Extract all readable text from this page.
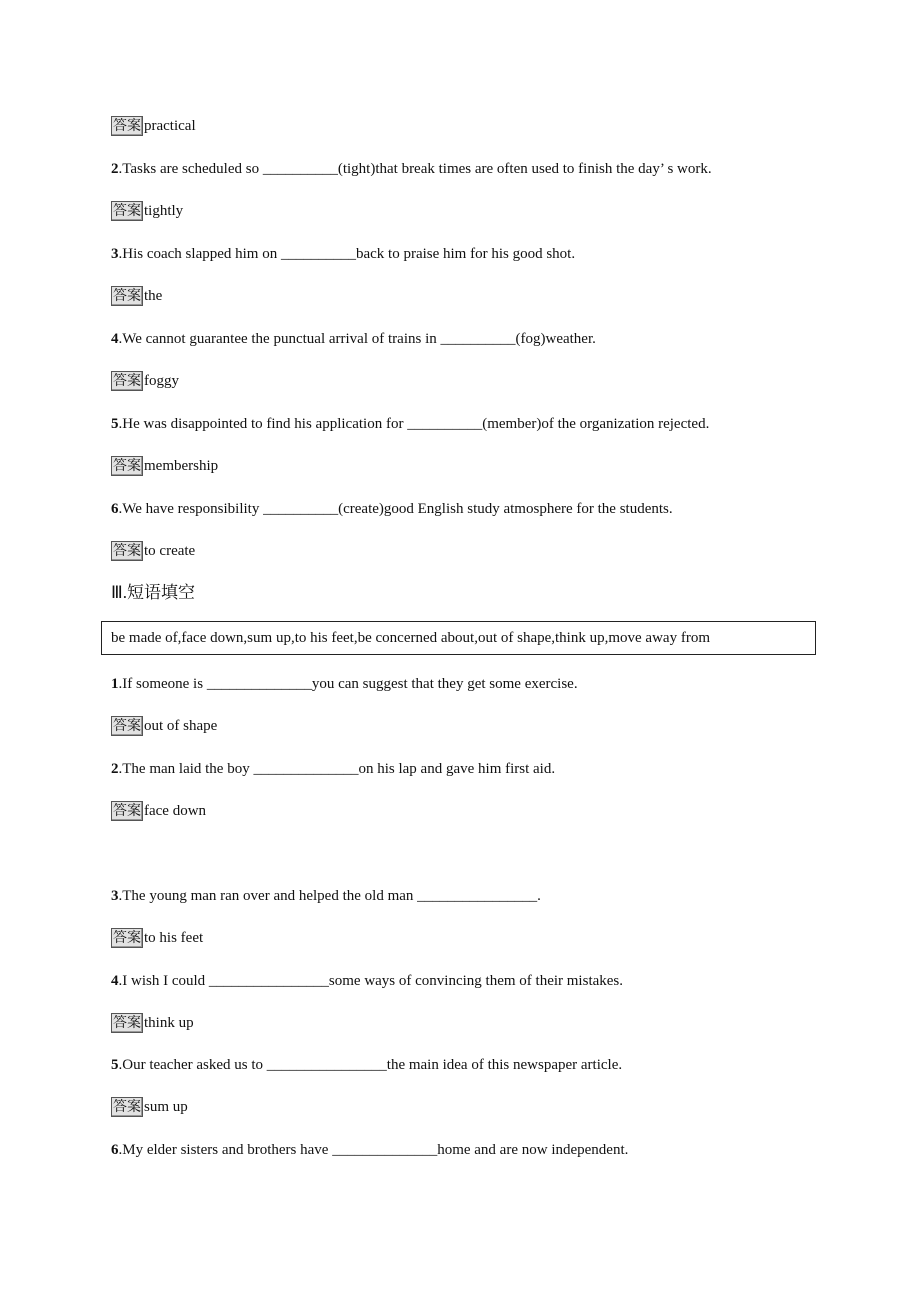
答案 practical
2.Tasks are scheduled so __________(tight)that break times are often used to finish the day’ s work.
答案 tightly
3.His coach slapped him on __________back to praise him for his good shot.
答案 the
4.We cannot guarantee the punctual arrival of trains in __________(fog)weather.
答案 foggy
5.He was disappointed to find his application for __________(member)of the organization rejected.
答案 membership
6.We have responsibility __________(create)good English study atmosphere for the students.
答案 to create
Ⅲ.短语填空
be made of,face down,sum up,to his feet,be concerned about,out of shape,think up,move away from
1.If someone is ______________you can suggest that they get some exercise.
答案 out of shape
2.The man laid the boy ______________on his lap and gave him first aid.
答案 face down
3.The young man ran over and helped the old man ________________.
答案 to his feet
4.I wish I could ________________some ways of convincing them of their mistakes.
答案 think up
5.Our teacher asked us to ________________the main idea of this newspaper article.
答案 sum up
6.My elder sisters and brothers have ______________home and are now independent.
